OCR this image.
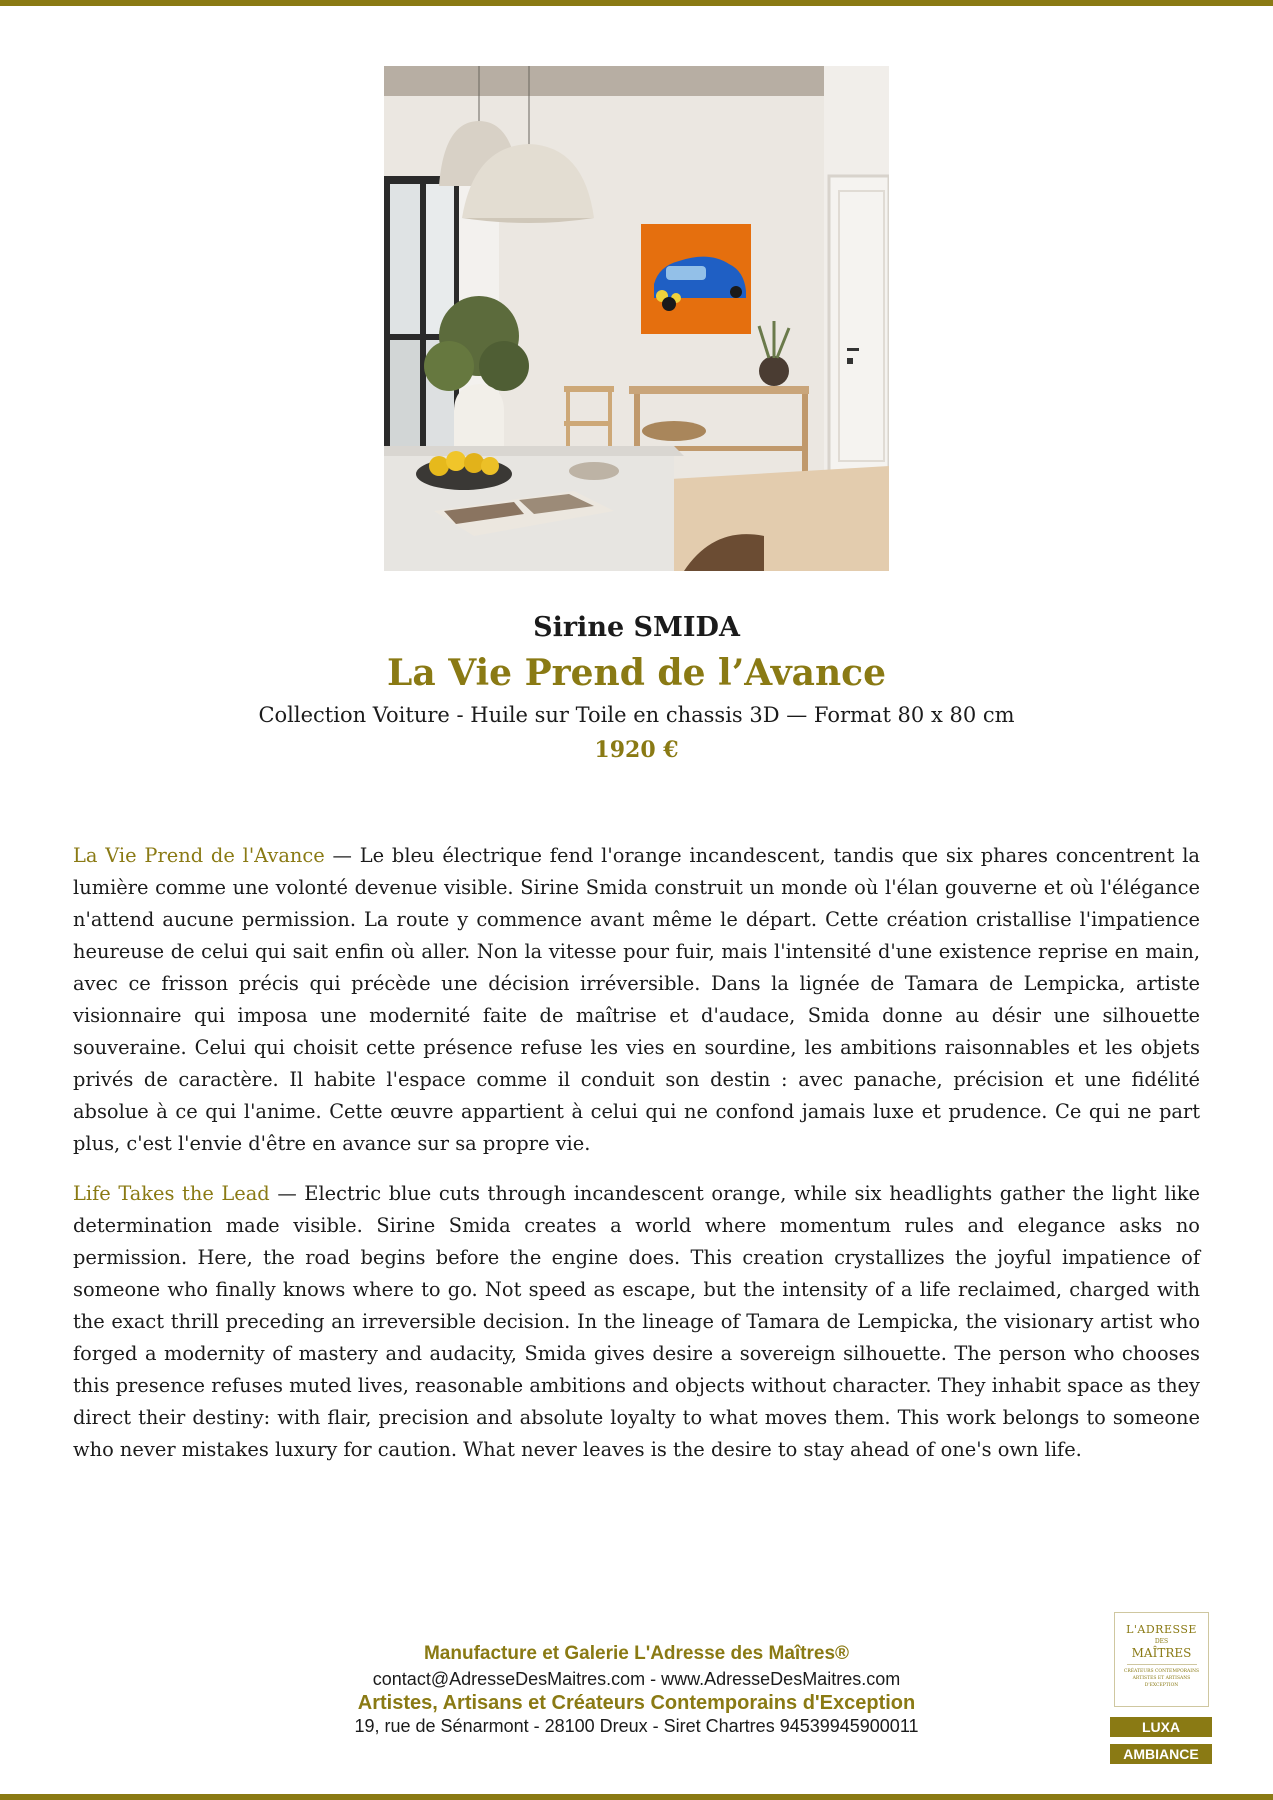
Sirine SMIDA
La Vie Prend de l’Avance
Collection Voiture - Huile sur Toile en chassis 3D — Format 80 x 80 cm
1920 €

La Vie Prend de l'Avance — Le bleu électrique fend l'orange incandescent, tandis que six phares concentrent la lumière comme une volonté devenue visible. Sirine Smida construit un monde où l'élan gouverne et où l'élégance n'attend aucune permission. La route y commence avant même le départ. Cette création cristallise l'impatience heureuse de celui qui sait enfin où aller. Non la vitesse pour fuir, mais l'intensité d'une existence reprise en main, avec ce frisson précis qui précède une décision irréversible. Dans la lignée de Tamara de Lempicka, artiste visionnaire qui imposa une modernité faite de maîtrise et d'audace, Smida donne au désir une silhouette souveraine. Celui qui choisit cette présence refuse les vies en sourdine, les ambitions raisonnables et les objets privés de caractère. Il habite l'espace comme il conduit son destin : avec panache, précision et une fidélité absolue à ce qui l'anime. Cette œuvre appartient à celui qui ne confond jamais luxe et prudence. Ce qui ne part plus, c'est l'envie d'être en avance sur sa propre vie.

Life Takes the Lead — Electric blue cuts through incandescent orange, while six headlights gather the light like determination made visible. Sirine Smida creates a world where momentum rules and elegance asks no permission. Here, the road begins before the engine does. This creation crystallizes the joyful impatience of someone who finally knows where to go. Not speed as escape, but the intensity of a life reclaimed, charged with the exact thrill preceding an irreversible decision. In the lineage of Tamara de Lempicka, the visionary artist who forged a modernity of mastery and audacity, Smida gives desire a sovereign silhouette. The person who chooses this presence refuses muted lives, reasonable ambitions and objects without character. They inhabit space as they direct their destiny: with flair, precision and absolute loyalty to what moves them. This work belongs to someone who never mistakes luxury for caution. What never leaves is the desire to stay ahead of one's own life.

Manufacture et Galerie L'Adresse des Maîtres®
contact@AdresseDesMaitres.com - www.AdresseDesMaitres.com
Artistes, Artisans et Créateurs Contemporains d'Exception
19, rue de Sénarmont - 28100 Dreux - Siret Chartres 94539945900011
L'ADRESSE
DES
MAÎTRES
CRÉATEURS CONTEMPORAINS ARTISTES ET ARTISANS D'EXCEPTION
LUXA
AMBIANCE
